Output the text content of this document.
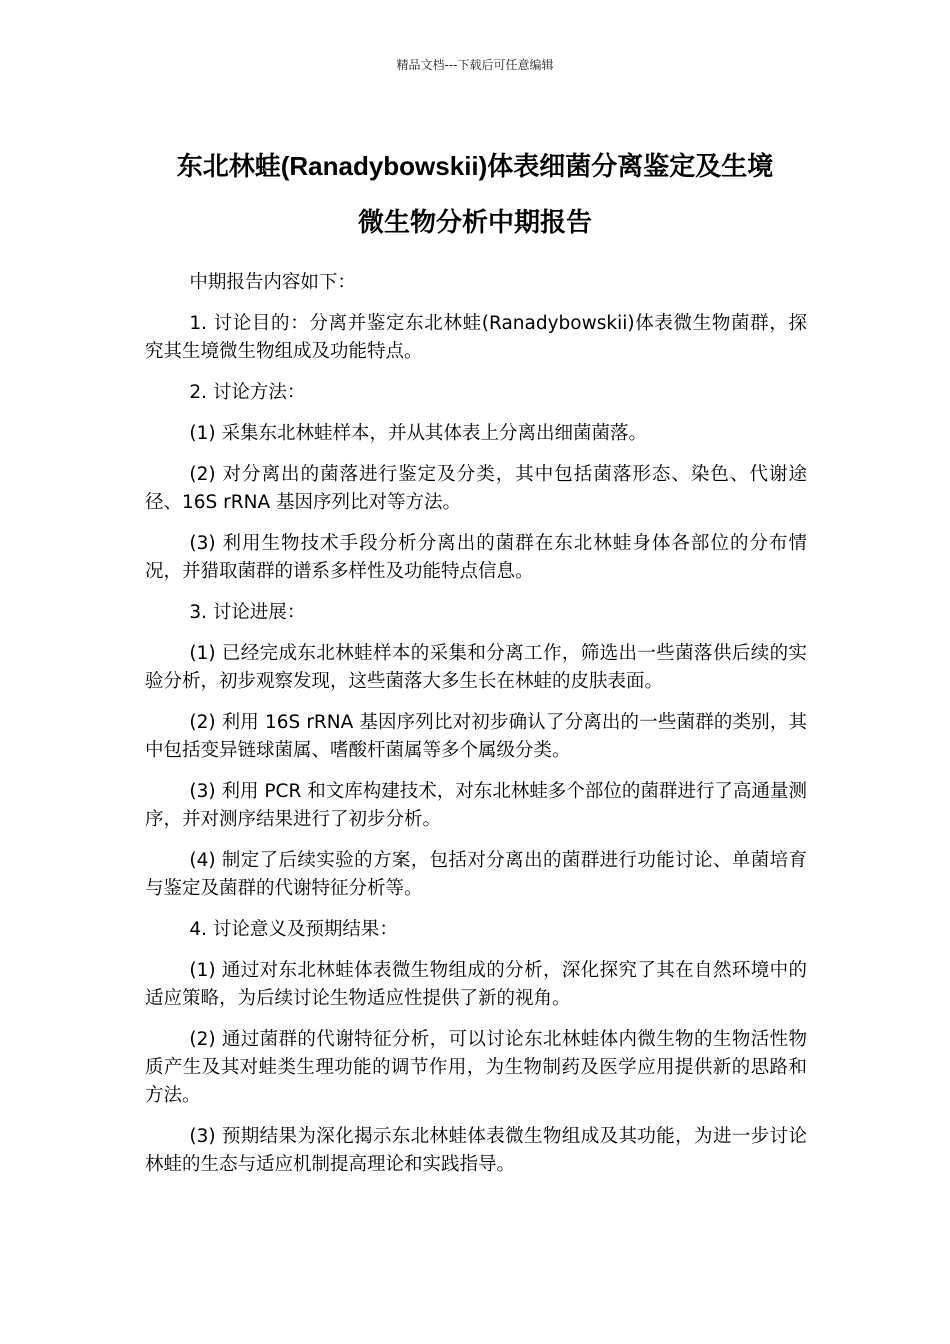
精品文档---下载后可任意编辑
东北林蛙(Ranadybowskii)体表细菌分离鉴定及生境
微生物分析中期报告

中期报告内容如下：

1. 讨论目的：分离并鉴定东北林蛙(Ranadybowskii)体表微生物菌群，探究其生境微生物组成及功能特点。

2. 讨论方法：

(1) 采集东北林蛙样本，并从其体表上分离出细菌菌落。

(2) 对分离出的菌落进行鉴定及分类，其中包括菌落形态、染色、代谢途径、16S rRNA 基因序列比对等方法。

(3) 利用生物技术手段分析分离出的菌群在东北林蛙身体各部位的分布情况，并猎取菌群的谱系多样性及功能特点信息。

3. 讨论进展：

(1) 已经完成东北林蛙样本的采集和分离工作，筛选出一些菌落供后续的实验分析，初步观察发现，这些菌落大多生长在林蛙的皮肤表面。

(2) 利用 16S rRNA 基因序列比对初步确认了分离出的一些菌群的类别，其中包括变异链球菌属、嗜酸杆菌属等多个属级分类。

(3) 利用 PCR 和文库构建技术，对东北林蛙多个部位的菌群进行了高通量测序，并对测序结果进行了初步分析。

(4) 制定了后续实验的方案，包括对分离出的菌群进行功能讨论、单菌培育与鉴定及菌群的代谢特征分析等。

4. 讨论意义及预期结果：

(1) 通过对东北林蛙体表微生物组成的分析，深化探究了其在自然环境中的适应策略，为后续讨论生物适应性提供了新的视角。

(2) 通过菌群的代谢特征分析，可以讨论东北林蛙体内微生物的生物活性物质产生及其对蛙类生理功能的调节作用，为生物制药及医学应用提供新的思路和方法。

(3) 预期结果为深化揭示东北林蛙体表微生物组成及其功能，为进一步讨论林蛙的生态与适应机制提高理论和实践指导。
